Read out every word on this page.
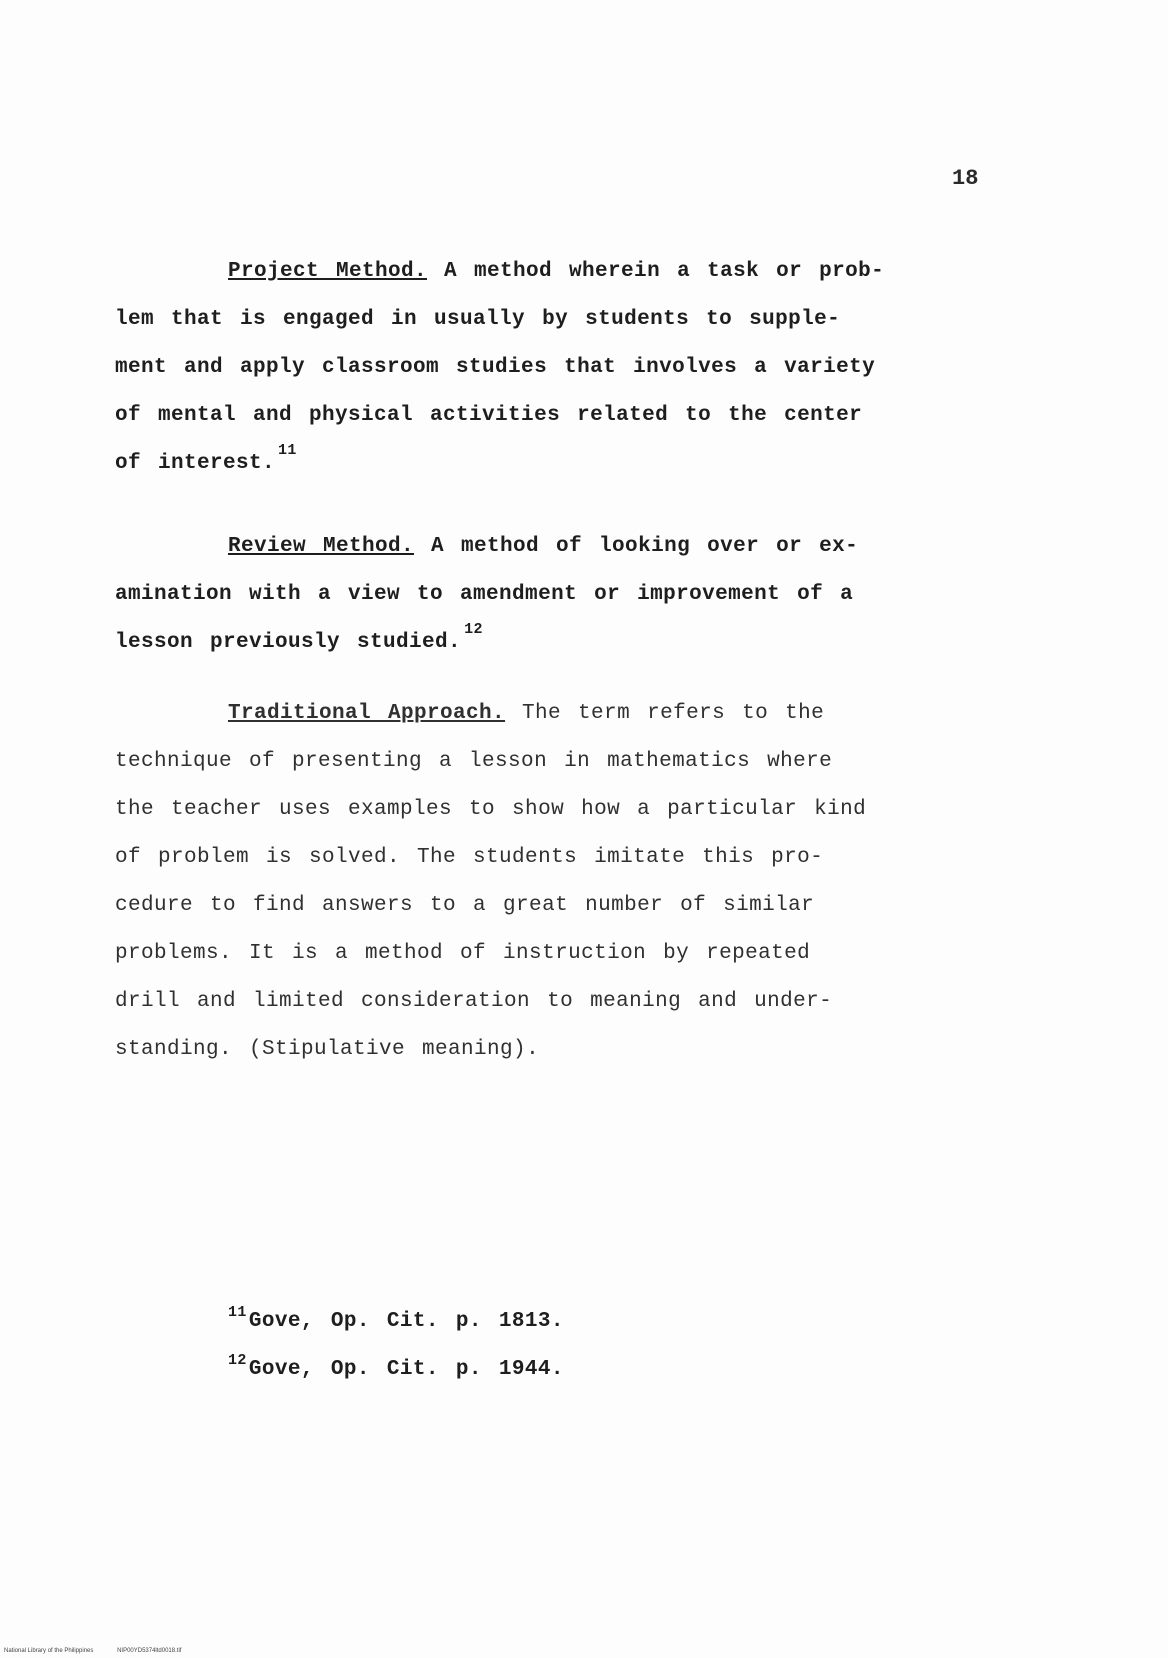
18
Project Method. A method wherein a task or prob-
lem that is engaged in usually by students to supple-
ment and apply classroom studies that involves a variety
of mental and physical activities related to the center
of interest.$^{11}$
Review Method. A method of looking over or ex-
amination with a view to amendment or improvement of a
lesson previously studied.$^{12}$
Traditional Approach. The term refers to the
technique of presenting a lesson in mathematics where
the teacher uses examples to show how a particular kind
of problem is solved. The students imitate this pro-
cedure to find answers to a great number of similar
problems. It is a method of instruction by repeated
drill and limited consideration to meaning and under-
standing. (Stipulative meaning).
$^{11}$Gove, Op. Cit. p. 1813.
$^{12}$Gove, Op. Cit. p. 1944.
National Library of the Philippines	NIP00YD5374ltd0018.tif
